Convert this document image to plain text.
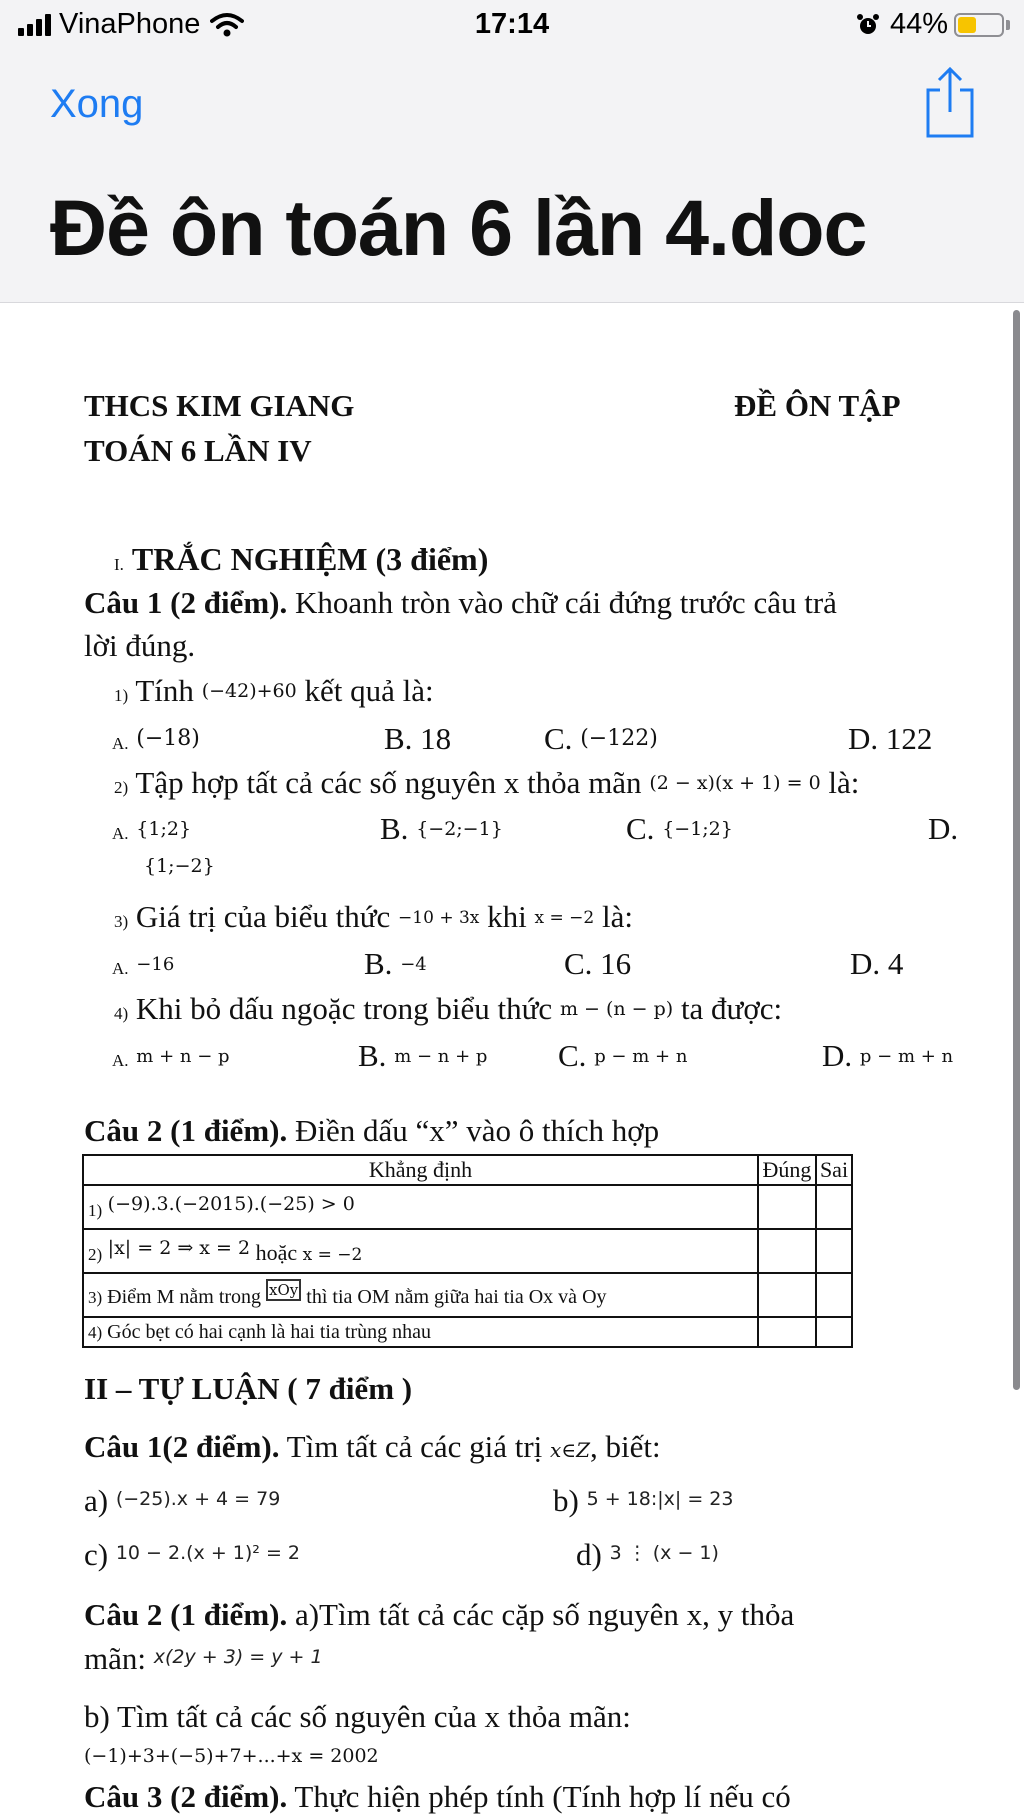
VinaPhone	17:14	44%
Xong
Đề ôn toán 6 lần 4.doc
THCS KIM GIANG	ĐỀ ÔN TẬP
TOÁN 6 LẦN IV
I. TRẮC NGHIỆM (3 điểm)
Câu 1 (2 điểm). Khoanh tròn vào chữ cái đứng trước câu trả
lời đúng.
1) Tính (−42)+60 kết quả là:
A. (−18)	B. 18	C. (−122)	D. 122
2) Tập hợp tất cả các số nguyên x thỏa mãn (2 − x)(x + 1) = 0 là:
A. {1;2}	B. {−2;−1}	C. {−1;2}	D.
{1;−2}
3) Giá trị của biểu thức −10 + 3x khi x = −2 là:
A. −16	B. −4	C. 16	D. 4
4) Khi bỏ dấu ngoặc trong biểu thức m − (n − p) ta được:
A. m + n − p	B. m − n + p C. p − m + n	D. p − m + n
Câu 2 (1 điểm). Điền dấu “x” vào ô thích hợp
Khẳng định	Đúng	Sai
1) (−9).3.(−2015).(−25) > 0		
2) |x| = 2 ⇒ x = 2 hoặc x = −2		
3) Điểm M nằm trong $^{xOy}$ thì tia OM nằm giữa hai tia Ox và Oy		
4) Góc bẹt có hai cạnh là hai tia trùng nhau		
II – TỰ LUẬN ( 7 điểm )
Câu 1(2 điểm). Tìm tất cả các giá trị x∈Z, biết:
a) (−25).x + 4 = 79	b) 5 + 18:|x| = 23
c) 10 − 2.(x + 1)² = 2	d) 3 ⋮ (x − 1)
Câu 2 (1 điểm). a)Tìm tất cả các cặp số nguyên x, y thỏa
mãn: x(2y + 3) = y + 1
b) Tìm tất cả các số nguyên của x thỏa mãn:
(−1)+3+(−5)+7+...+x = 2002
Câu 3 (2 điểm). Thực hiện phép tính (Tính hợp lí nếu có
